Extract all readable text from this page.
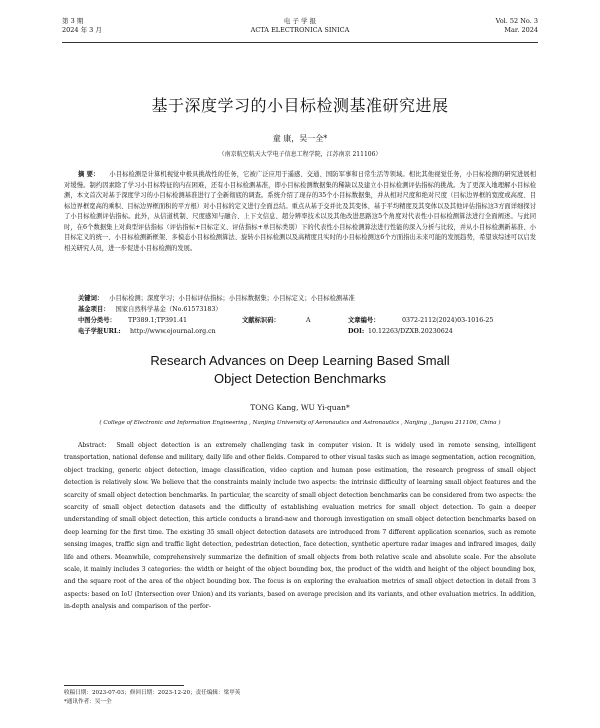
第 3 期
2024 年 3 月
电 子 学 报
ACTA ELECTRONICA SINICA
Vol. 52 No. 3
Mar. 2024
基于深度学习的小目标检测基准研究进展
童 康，吴一全*
（南京航空航天大学电子信息工程学院，江苏南京 211106）
摘 要： 小目标检测是计算机视觉中极具挑战性的任务，它被广泛应用于遥感、交通、国防军事和日常生活等领域。相比其他视觉任务，小目标检测的研究进展相对缓慢。制约因素除了学习小目标特征的内在困难，还有小目标检测基准，即小目标检测数据集的稀缺以及建立小目标检测评估指标的挑战。为了更深入地理解小目标检测，本文首次对基于深度学习的小目标检测基准进行了全新彻底的调查。系统介绍了现存的35个小目标数据集，并从相对尺度和绝对尺度（目标边界框的宽度或高度、目标边界框宽高的乘积、目标边界框面积的平方根）对小目标的定义进行全面总结。重点从基于交并比及其变体、基于平均精度及其变体以及其他评估指标这3方面详细探讨了小目标检测评估指标。此外，从信道机制、尺度感知与融合、上下文信息、超分辨率技术以及其他改进思路这5个角度对代表性小目标检测算法进行全面阐述。与此同时，在6个数据集上对典型评估指标（评估指标+目标定义、评估指标+单目标类别）下的代表性小目标检测算法进行性能的深入分析与比较，并从小目标检测新基准、小目标定义的统一、小目标检测新框架、多模态小目标检测算法、旋转小目标检测以及高精度且实时的小目标检测这6个方面指出未来可能的发展趋势，希望该综述可以启发相关研究人员，进一步促进小目标检测的发展。
关键词： 小目标检测；深度学习；小目标评估指标；小目标数据集；小目标定义；小目标检测基准
基金项目： 国家自然科学基金（No.61573183）
中图分类号： TP389.1;TP391.41	文献标识码：	A	文章编号：	0372-2112(2024)03-1016-25
电子学报URL: http://www.ejournal.org.cn	DOI: 10.12263/DZXB.20230624
Research Advances on Deep Learning Based Small
Object Detection Benchmarks
TONG Kang, WU Yi-quan*
( College of Electronic and Information Engineering , Nanjing University of Aeronautics and Astronautics , Nanjing , Jiangsu 211106, China )
Abstract: Small object detection is an extremely challenging task in computer vision. It is widely used in remote sensing, intelligent transportation, national defense and military, daily life and other fields. Compared to other visual tasks such as image segmentation, action recognition, object tracking, generic object detection, image classification, video caption and human pose estimation, the research progress of small object detection is relatively slow. We believe that the constraints mainly include two aspects: the intrinsic difficulty of learning small object features and the scarcity of small object detection benchmarks. In particular, the scarcity of small object detection benchmarks can be considered from two aspects: the scarcity of small object detection datasets and the difficulty of establishing evaluation metrics for small object detection. To gain a deeper understanding of small object detection, this article conducts a brand-new and thorough investigation on small object detection benchmarks based on deep learning for the first time. The existing 35 small object detection datasets are introduced from 7 different application scenarios, such as remote sensing images, traffic sign and traffic light detection, pedestrian detection, face detection, synthetic aperture radar images and infrared images, daily life and others. Meanwhile, comprehensively summarize the definition of small objects from both relative scale and absolute scale. For the absolute scale, it mainly includes 3 categories: the width or height of the object bounding box, the product of the width and height of the object bounding box, and the square root of the area of the object bounding box. The focus is on exploring the evaluation metrics of small object detection in detail from 3 aspects: based on IoU (Intersection over Union) and its variants, based on average precision and its variants, and other evaluation metrics. In addition, in-depth analysis and comparison of the perfor-
收稿日期：2023-07-03；修回日期：2023-12-20；责任编辑：梁甲英
*通讯作者：吴一全
